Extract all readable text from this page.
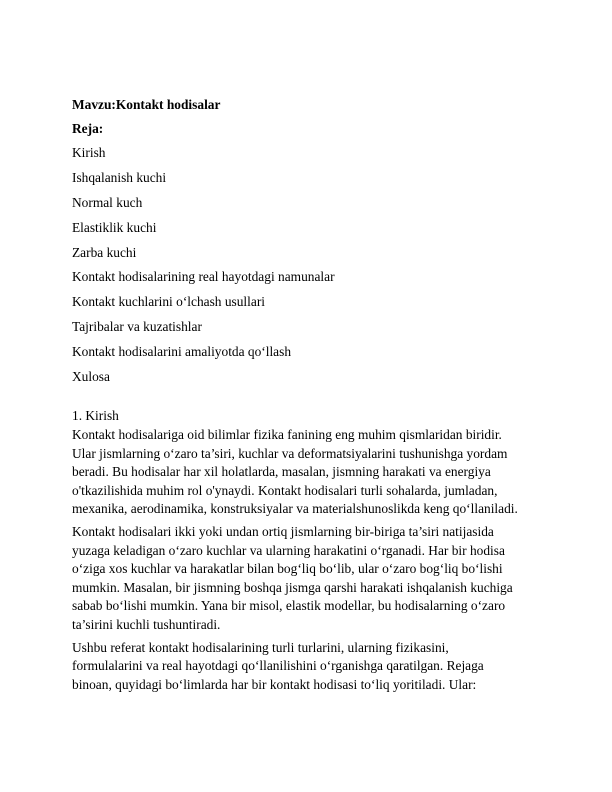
Mavzu:Kontakt hodisalar
Reja:
Kirish
Ishqalanish kuchi
Normal kuch
Elastiklik kuchi
Zarba kuchi
Kontakt hodisalarining real hayotdagi namunalar
Kontakt kuchlarini o‘lchash usullari
Tajribalar va kuzatishlar
Kontakt hodisalarini amaliyotda qo‘llash
Xulosa
1. Kirish

Kontakt hodisalariga oid bilimlar fizika fanining eng muhim qismlaridan biridir.
Ular jismlarning o‘zaro ta’siri, kuchlar va deformatsiyalarini tushunishga yordam
beradi. Bu hodisalar har xil holatlarda, masalan, jismning harakati va energiya
o'tkazilishida muhim rol o'ynaydi. Kontakt hodisalari turli sohalarda, jumladan,
mexanika, aerodinamika, konstruksiyalar va materialshunoslikda keng qo‘llaniladi.

Kontakt hodisalari ikki yoki undan ortiq jismlarning bir-biriga ta’siri natijasida
yuzaga keladigan o‘zaro kuchlar va ularning harakatini o‘rganadi. Har bir hodisa
o‘ziga xos kuchlar va harakatlar bilan bog‘liq bo‘lib, ular o‘zaro bog‘liq bo‘lishi
mumkin. Masalan, bir jismning boshqa jismga qarshi harakati ishqalanish kuchiga
sabab bo‘lishi mumkin. Yana bir misol, elastik modellar, bu hodisalarning o‘zaro
ta’sirini kuchli tushuntiradi.

Ushbu referat kontakt hodisalarining turli turlarini, ularning fizikasini,
formulalarini va real hayotdagi qo‘llanilishini o‘rganishga qaratilgan. Rejaga
binoan, quyidagi bo‘limlarda har bir kontakt hodisasi to‘liq yoritiladi. Ular:
